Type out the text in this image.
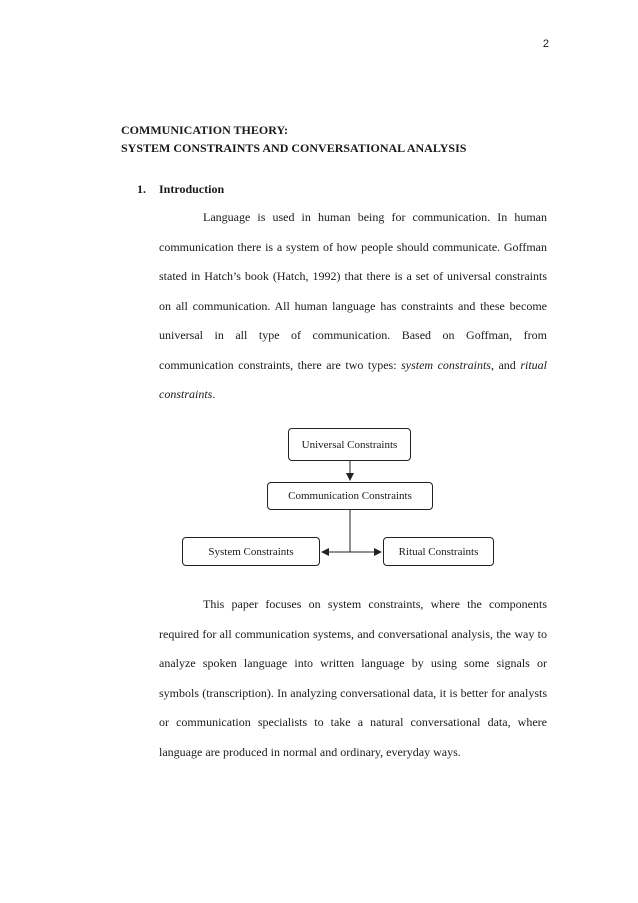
2
COMMUNICATION THEORY:
SYSTEM CONSTRAINTS AND CONVERSATIONAL ANALYSIS
1. Introduction
Language is used in human being for communication. In human communication there is a system of how people should communicate. Goffman stated in Hatch’s book (Hatch, 1992) that there is a set of universal constraints on all communication. All human language has constraints and these become universal in all type of communication. Based on Goffman, from communication constraints, there are two types: system constraints, and ritual constraints.
Universal Constraints
Communication Constraints
System Constraints	Ritual Constraints
This paper focuses on system constraints, where the components required for all communication systems, and conversational analysis, the way to analyze spoken language into written language by using some signals or symbols (transcription). In analyzing conversational data, it is better for analysts or communication specialists to take a natural conversational data, where language are produced in normal and ordinary, everyday ways.
